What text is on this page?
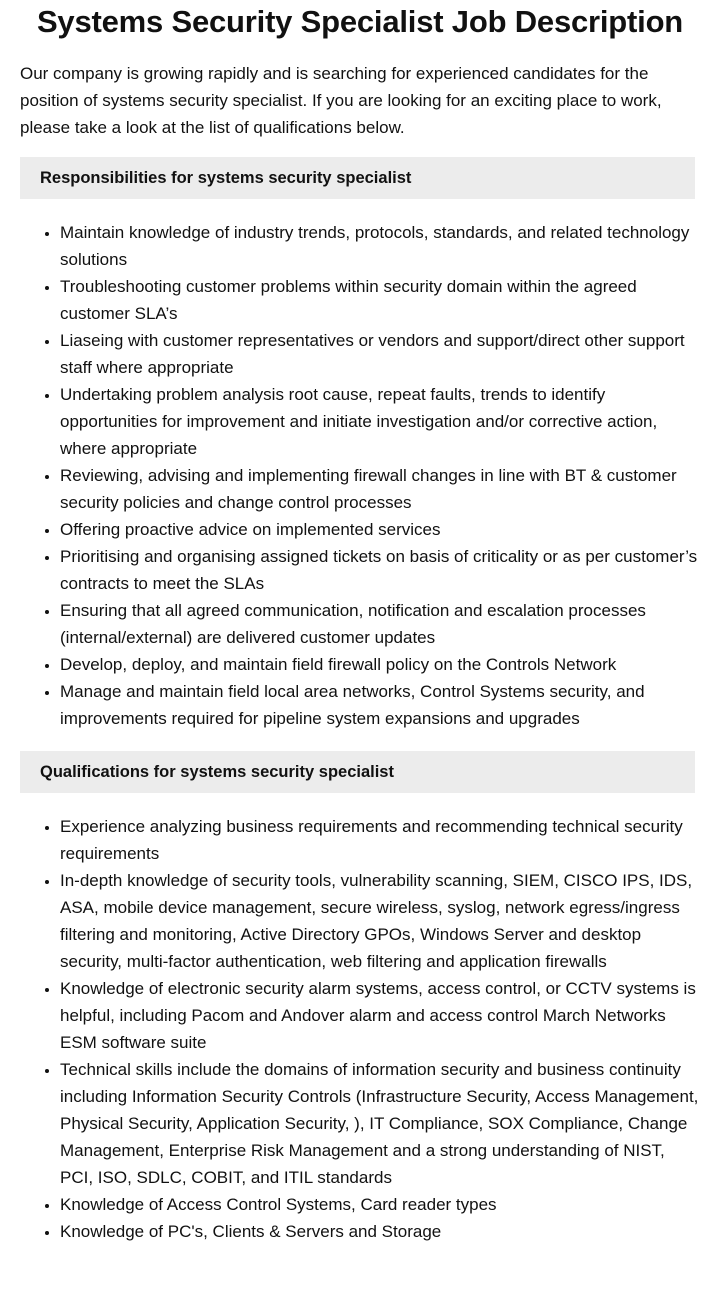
Systems Security Specialist Job Description

Our company is growing rapidly and is searching for experienced candidates for the position of systems security specialist. If you are looking for an exciting place to work, please take a look at the list of qualifications below.

Responsibilities for systems security specialist
• Maintain knowledge of industry trends, protocols, standards, and related technology solutions
• Troubleshooting customer problems within security domain within the agreed customer SLA’s
• Liaseing with customer representatives or vendors and support/direct other support staff where appropriate
• Undertaking problem analysis root cause, repeat faults, trends to identify opportunities for improvement and initiate investigation and/or corrective action, where appropriate
• Reviewing, advising and implementing firewall changes in line with BT & customer security policies and change control processes
• Offering proactive advice on implemented services
• Prioritising and organising assigned tickets on basis of criticality or as per customer’s contracts to meet the SLAs
• Ensuring that all agreed communication, notification and escalation processes (internal/external) are delivered customer updates
• Develop, deploy, and maintain field firewall policy on the Controls Network
• Manage and maintain field local area networks, Control Systems security, and improvements required for pipeline system expansions and upgrades
Qualifications for systems security specialist
• Experience analyzing business requirements and recommending technical security requirements
• In-depth knowledge of security tools, vulnerability scanning, SIEM, CISCO IPS, IDS, ASA, mobile device management, secure wireless, syslog, network egress/ingress filtering and monitoring, Active Directory GPOs, Windows Server and desktop security, multi-factor authentication, web filtering and application firewalls
• Knowledge of electronic security alarm systems, access control, or CCTV systems is helpful, including Pacom and Andover alarm and access control March Networks ESM software suite
• Technical skills include the domains of information security and business continuity including Information Security Controls (Infrastructure Security, Access Management, Physical Security, Application Security, ), IT Compliance, SOX Compliance, Change Management, Enterprise Risk Management and a strong understanding of NIST, PCI, ISO, SDLC, COBIT, and ITIL standards
• Knowledge of Access Control Systems, Card reader types
• Knowledge of PC's, Clients & Servers and Storage
